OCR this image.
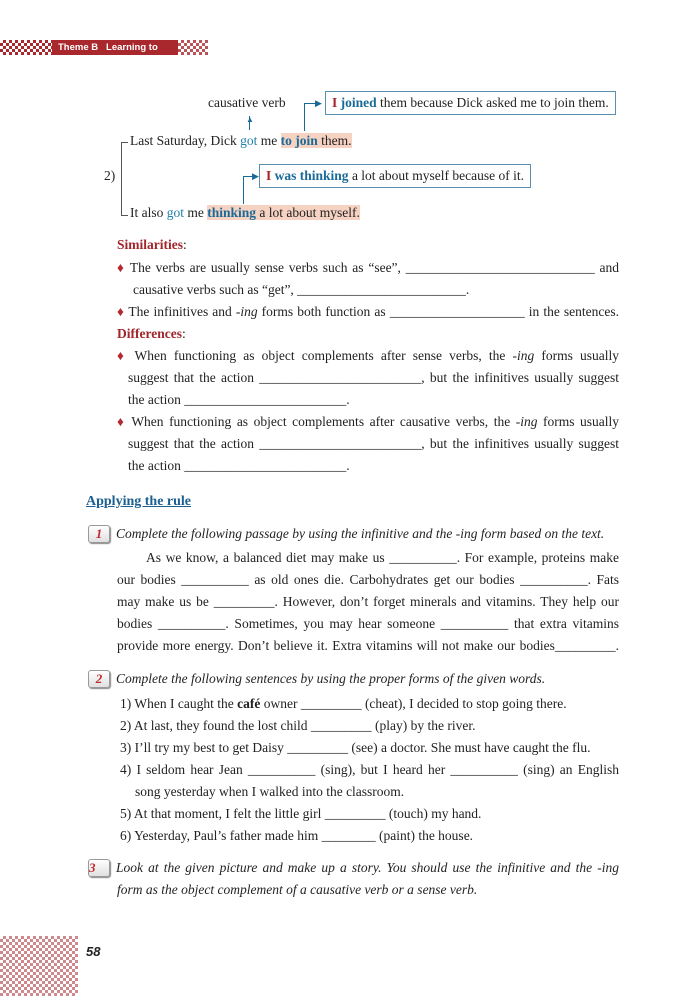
Theme B Learning to Live
causative verb
▲
▶ I joined them because Dick asked me to join them.
Last Saturday, Dick got me to join them.
2)	▶ I was thinking a lot about myself because of it.
It also got me thinking a lot about myself.
Similarities:
♦ The verbs are usually sense verbs such as “see”, ____________________________ and
causative verbs such as “get”, _________________________.
♦ The infinitives and -ing forms both function as ____________________ in the sentences.
Differences:
♦ When functioning as object complements after sense verbs, the -ing forms usually
suggest that the action ________________________, but the infinitives usually suggest
the action ________________________.
♦ When functioning as object complements after causative verbs, the -ing forms usually
suggest that the action ________________________, but the infinitives usually suggest
the action ________________________.
Applying the rule
1 Complete the following passage by using the infinitive and the -ing form based on the text.
As we know, a balanced diet may make us __________. For example, proteins make
our bodies __________ as old ones die. Carbohydrates get our bodies __________. Fats
may make us be _________. However, don’t forget minerals and vitamins. They help our
bodies __________. Sometimes, you may hear someone __________ that extra vitamins
provide more energy. Don’t believe it. Extra vitamins will not make our bodies_________.
2 Complete the following sentences by using the proper forms of the given words.
1) When I caught the café owner _________ (cheat), I decided to stop going there.
2) At last, they found the lost child _________ (play) by the river.
3) I’ll try my best to get Daisy _________ (see) a doctor. She must have caught the flu.
4) I seldom hear Jean __________ (sing), but I heard her __________ (sing) an English
song yesterday when I walked into the classroom.
5) At that moment, I felt the little girl _________ (touch) my hand.
6) Yesterday, Paul’s father made him ________ (paint) the house.
3 Look at the given picture and make up a story. You should use the infinitive and the -ing
form as the object complement of a causative verb or a sense verb.
58
